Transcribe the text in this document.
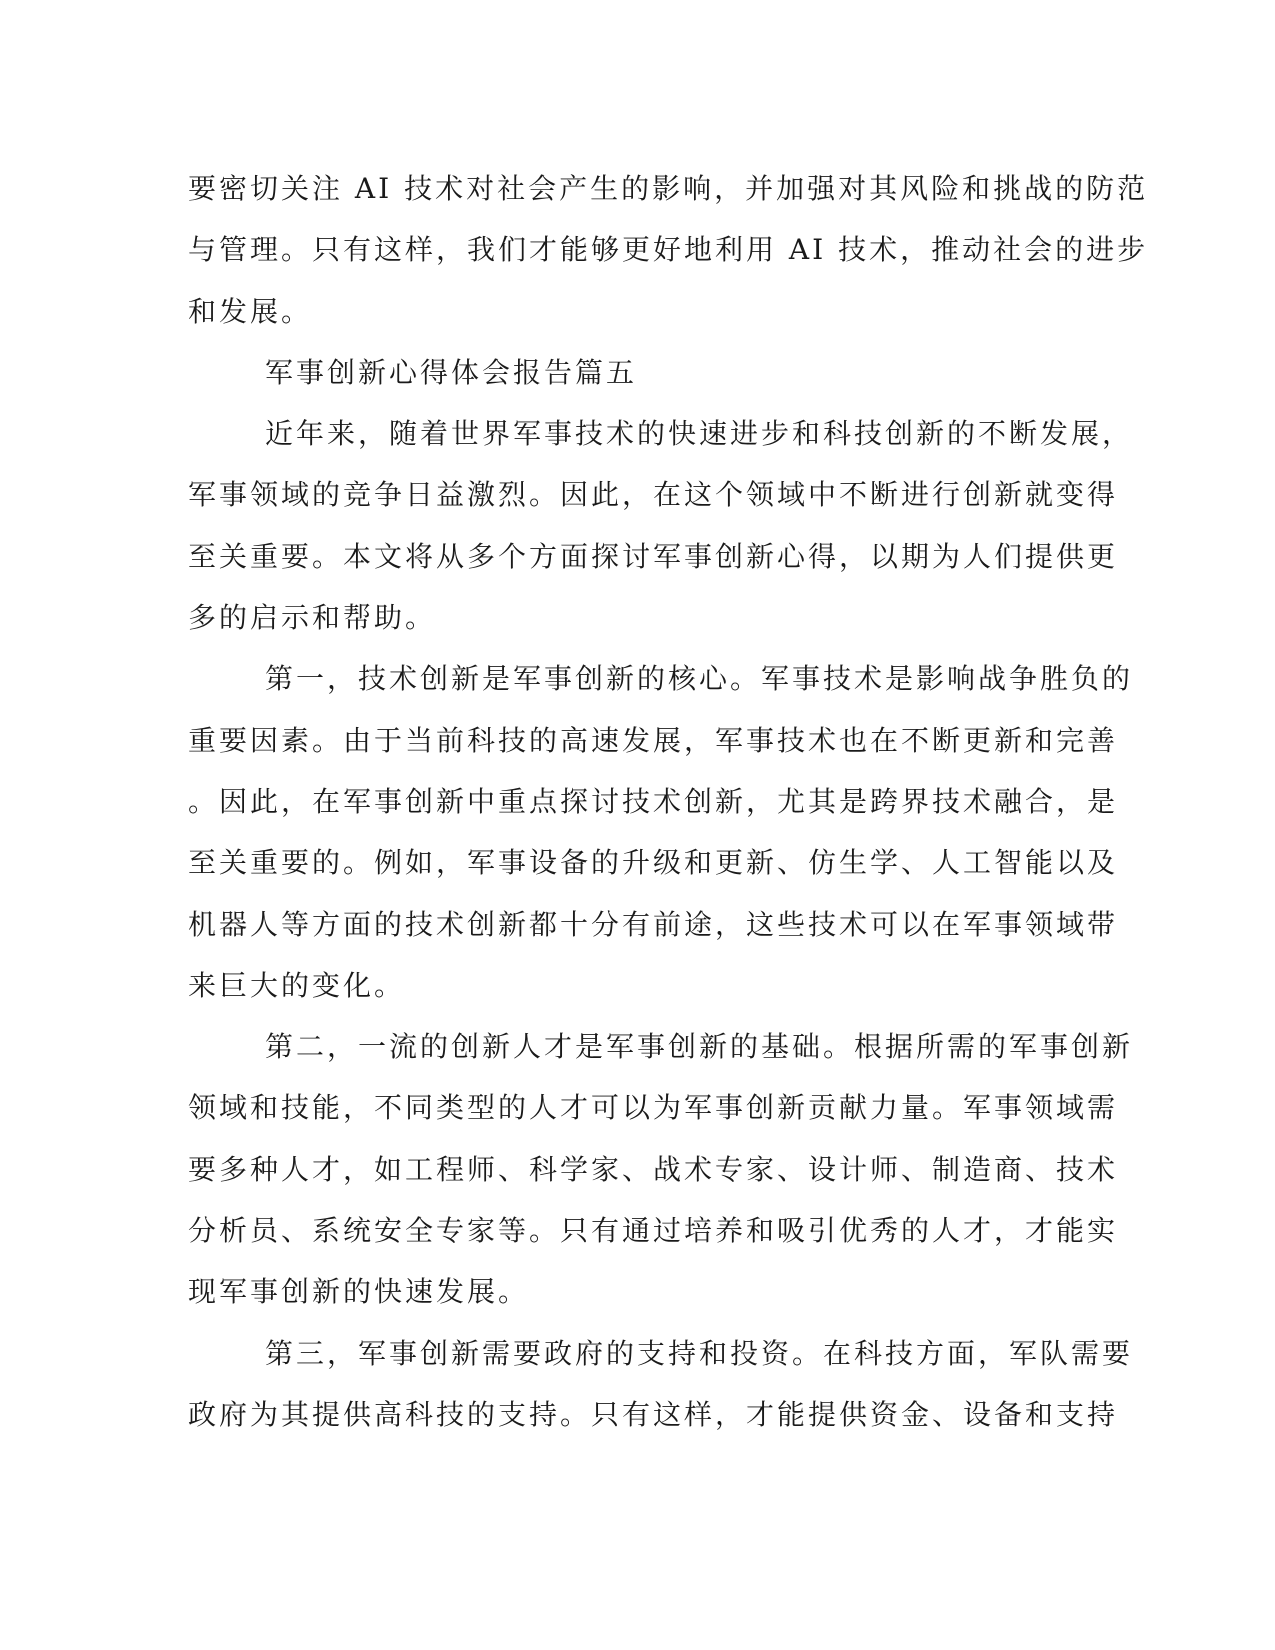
要密切关注 AI 技术对社会产生的影响，并加强对其风险和挑战的防范
与管理。只有这样，我们才能够更好地利用 AI 技术，推动社会的进步
和发展。
军事创新心得体会报告篇五
近年来，随着世界军事技术的快速进步和科技创新的不断发展，
军事领域的竞争日益激烈。因此，在这个领域中不断进行创新就变得
至关重要。本文将从多个方面探讨军事创新心得，以期为人们提供更
多的启示和帮助。
第一，技术创新是军事创新的核心。军事技术是影响战争胜负的
重要因素。由于当前科技的高速发展，军事技术也在不断更新和完善
。因此，在军事创新中重点探讨技术创新，尤其是跨界技术融合，是
至关重要的。例如，军事设备的升级和更新、仿生学、人工智能以及
机器人等方面的技术创新都十分有前途，这些技术可以在军事领域带
来巨大的变化。
第二，一流的创新人才是军事创新的基础。根据所需的军事创新
领域和技能，不同类型的人才可以为军事创新贡献力量。军事领域需
要多种人才，如工程师、科学家、战术专家、设计师、制造商、技术
分析员、系统安全专家等。只有通过培养和吸引优秀的人才，才能实
现军事创新的快速发展。
第三，军事创新需要政府的支持和投资。在科技方面，军队需要
政府为其提供高科技的支持。只有这样，才能提供资金、设备和支持
